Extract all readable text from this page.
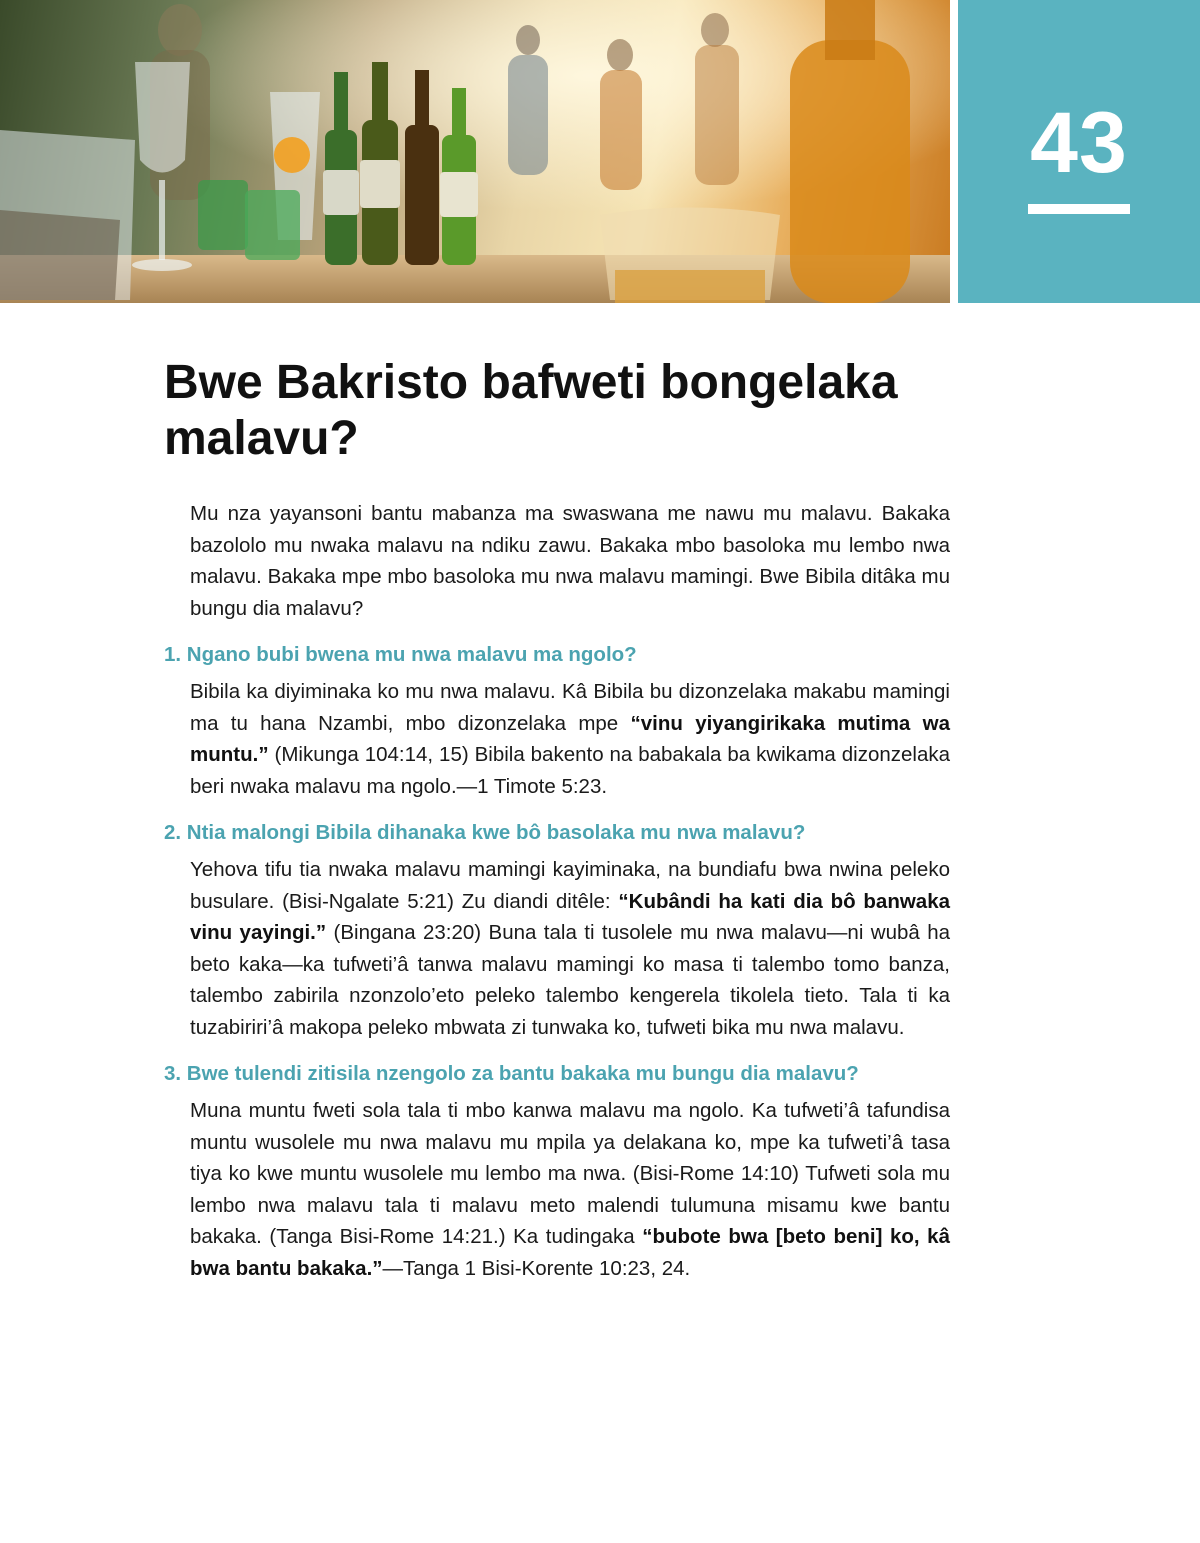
43
Bwe Bakristo bafweti bongelaka malavu?

Mu nza yayansoni bantu mabanza ma swaswana me nawu mu malavu. Bakaka bazololo mu nwaka malavu na ndiku zawu. Bakaka mbo basoloka mu lembo nwa malavu. Bakaka mpe mbo basoloka mu nwa malavu mamingi. Bwe Bibila ditâka mu bungu dia malavu?

1. Ngano bubi bwena mu nwa malavu ma ngolo?

Bibila ka diyiminaka ko mu nwa malavu. Kâ Bibila bu dizonzelaka makabu mamingi ma tu hana Nzambi, mbo dizonzelaka mpe “vinu yiyangirikaka mutima wa muntu.” (Mikunga 104:14, 15) Bibila bakento na babakala ba kwikama dizonzelaka beri nwaka malavu ma ngolo.—1 Timote 5:23.

2. Ntia malongi Bibila dihanaka kwe bô basolaka mu nwa malavu?

Yehova tifu tia nwaka malavu mamingi kayiminaka, na bundiafu bwa nwina peleko busulare. (Bisi-Ngalate 5:21) Zu diandi ditêle: “Kubândi ha kati dia bô banwaka vinu yayingi.” (Bingana 23:20) Buna tala ti tusolele mu nwa malavu—ni wubâ ha beto kaka—ka tufweti’â tanwa malavu mamingi ko masa ti talembo tomo banza, talembo zabirila nzonzolo’eto peleko talembo kengerela tikolela tieto. Tala ti ka tuzabiriri’â makopa peleko mbwata zi tunwaka ko, tufweti bika mu nwa malavu.

3. Bwe tulendi zitisila nzengolo za bantu bakaka mu bungu dia malavu?

Muna muntu fweti sola tala ti mbo kanwa malavu ma ngolo. Ka tufweti’â tafundisa muntu wusolele mu nwa malavu mu mpila ya delakana ko, mpe ka tufweti’â tasa tiya ko kwe muntu wusolele mu lembo ma nwa. (Bisi-Rome 14:10) Tufweti sola mu lembo nwa malavu tala ti malavu meto malendi tulumuna misamu kwe bantu bakaka. (Tanga Bisi-Rome 14:21.) Ka tudingaka “bubote bwa [beto beni] ko, kâ bwa bantu bakaka.”—Tanga 1 Bisi-Korente 10:23, 24.
